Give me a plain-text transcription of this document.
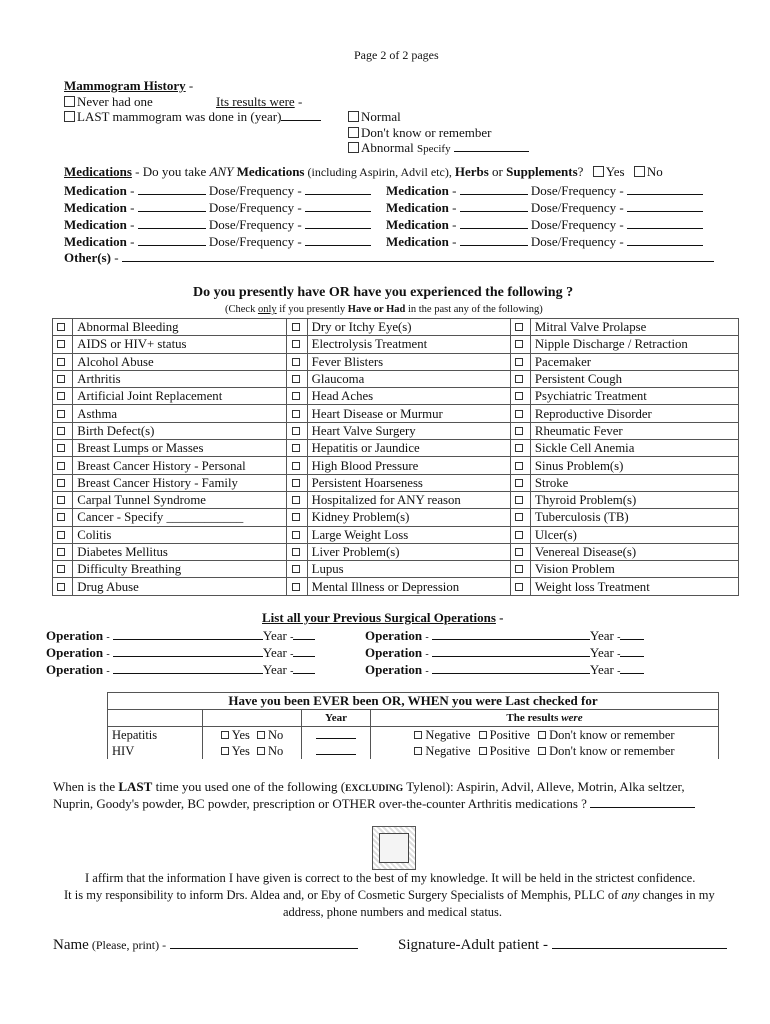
Page 2 of 2 pages
Mammogram History -
Never had one	Its results were -
LAST mammogram was done in (year)	Normal
Don't know or remember
Abnormal Specify
Medications - Do you take ANY Medications (including Aspirin, Advil etc), Herbs or Supplements? Yes No
Medication -	Dose/Frequency -	Medication -	Dose/Frequency -
Medication -	Dose/Frequency -	Medication -	Dose/Frequency -
Medication -	Dose/Frequency -	Medication -	Dose/Frequency -
Medication -	Dose/Frequency -	Medication -	Dose/Frequency -
Other(s) -
Do you presently have OR have you experienced the following ?
(Check only if you presently Have or Had in the past any of the following)
	Abnormal Bleeding		Dry or Itchy Eye(s)		Mitral Valve Prolapse
	AIDS or HIV+ status		Electrolysis Treatment		Nipple Discharge / Retraction
	Alcohol Abuse		Fever Blisters		Pacemaker
	Arthritis		Glaucoma		Persistent Cough
	Artificial Joint Replacement		Head Aches		Psychiatric Treatment
	Asthma		Heart Disease or Murmur		Reproductive Disorder
	Birth Defect(s)		Heart Valve Surgery		Rheumatic Fever
	Breast Lumps or Masses		Hepatitis or Jaundice		Sickle Cell Anemia
	Breast Cancer History - Personal		High Blood Pressure		Sinus Problem(s)
	Breast Cancer History - Family		Persistent Hoarseness		Stroke
	Carpal Tunnel Syndrome		Hospitalized for ANY reason		Thyroid Problem(s)
	Cancer - Specify ____________		Kidney Problem(s)		Tuberculosis (TB)
	Colitis		Large Weight Loss		Ulcer(s)
	Diabetes Mellitus		Liver Problem(s)		Venereal Disease(s)
	Difficulty Breathing		Lupus		Vision Problem
	Drug Abuse		Mental Illness or Depression		Weight loss Treatment
List all your Previous Surgical Operations -
Operation -	Year -	Operation -	Year -
Operation -	Year -	Operation -	Year -
Operation -	Year -	Operation -	Year -
Have you been EVER been OR, WHEN you were Last checked for			
		Year	The results were
Hepatitis	Yes No		Negative Positive Don't know or remember
HIV	Yes No		Negative Positive Don't know or remember
When is the LAST time you used one of the following (EXCLUDING Tylenol): Aspirin, Advil, Alleve, Motrin, Alka seltzer,
Nuprin, Goody's powder, BC powder, prescription or OTHER over-the-counter Arthritis medications ?
I affirm that the information I have given is correct to the best of my knowledge. It will be held in the strictest confidence.
It is my responsibility to inform Drs. Aldea and, or Eby of Cosmetic Surgery Specialists of Memphis, PLLC of any changes in my
address, phone numbers and medical status.
Name (Please, print) -	Signature-Adult patient -
